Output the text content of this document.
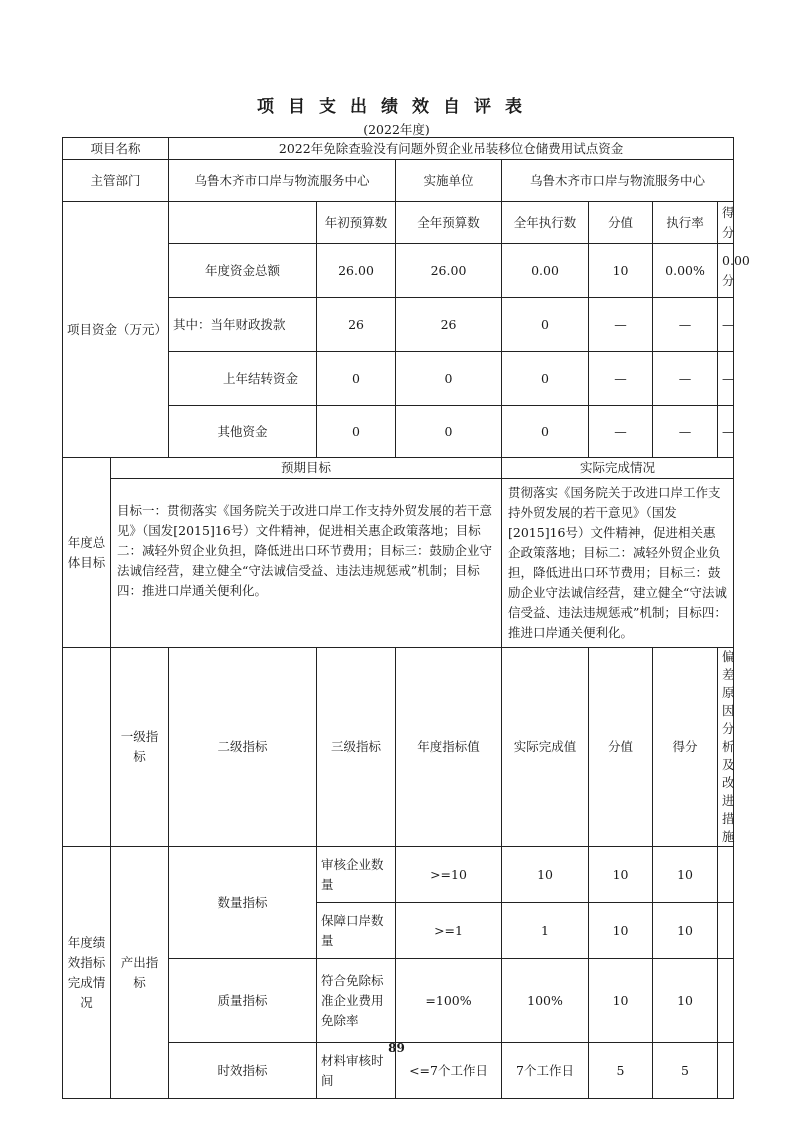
项目支出绩效自评表
(2022年度)
项目名称		2022年免除查验没有问题外贸企业吊装移位仓储费用试点资金						
主管部门		乌鲁木齐市口岸与物流服务中心		实施单位	乌鲁木齐市口岸与物流服务中心			
项目资金（万元）			年初预算数	全年预算数	全年执行数	分值	执行率	得分
		年度资金总额	26.00	26.00	0.00	10	0.00%	0.00分
		其中：当年财政拨款	26	26	0	—	—	—
		上年结转资金	0	0	0	—	—	—
		其他资金	0	0	0	—	—	—
年度总体目标	预期目标				实际完成情况			
	目标一：贯彻落实《国务院关于改进口岸工作支持外贸发展的若干意见》（国发[2015]16号）文件精神，促进相关惠企政策落地；目标二：减轻外贸企业负担，降低进出口环节费用；目标三：鼓励企业守法诚信经营，建立健全“守法诚信受益、违法违规惩戒”机制；目标四：推进口岸通关便利化。				贯彻落实《国务院关于改进口岸工作支持外贸发展的若干意见》（国发[2015]16号）文件精神，促进相关惠企政策落地；目标二：减轻外贸企业负担，降低进出口环节费用；目标三：鼓励企业守法诚信经营，建立健全“守法诚信受益、违法违规惩戒”机制；目标四：推进口岸通关便利化。			
	一级指标	二级指标	三级指标	年度指标值	实际完成值	分值	得分	偏差原因分析及改进措施
年度绩效指标完成情况	产出指标	数量指标	审核企业数量	>=10	10	10	10	
			保障口岸数量	>=1	1	10	10	
		质量指标	符合免除标准企业费用免除率	=100%	100%	10	10	
		时效指标	材料审核时间	<=7个工作日	7个工作日	5	5	
89
